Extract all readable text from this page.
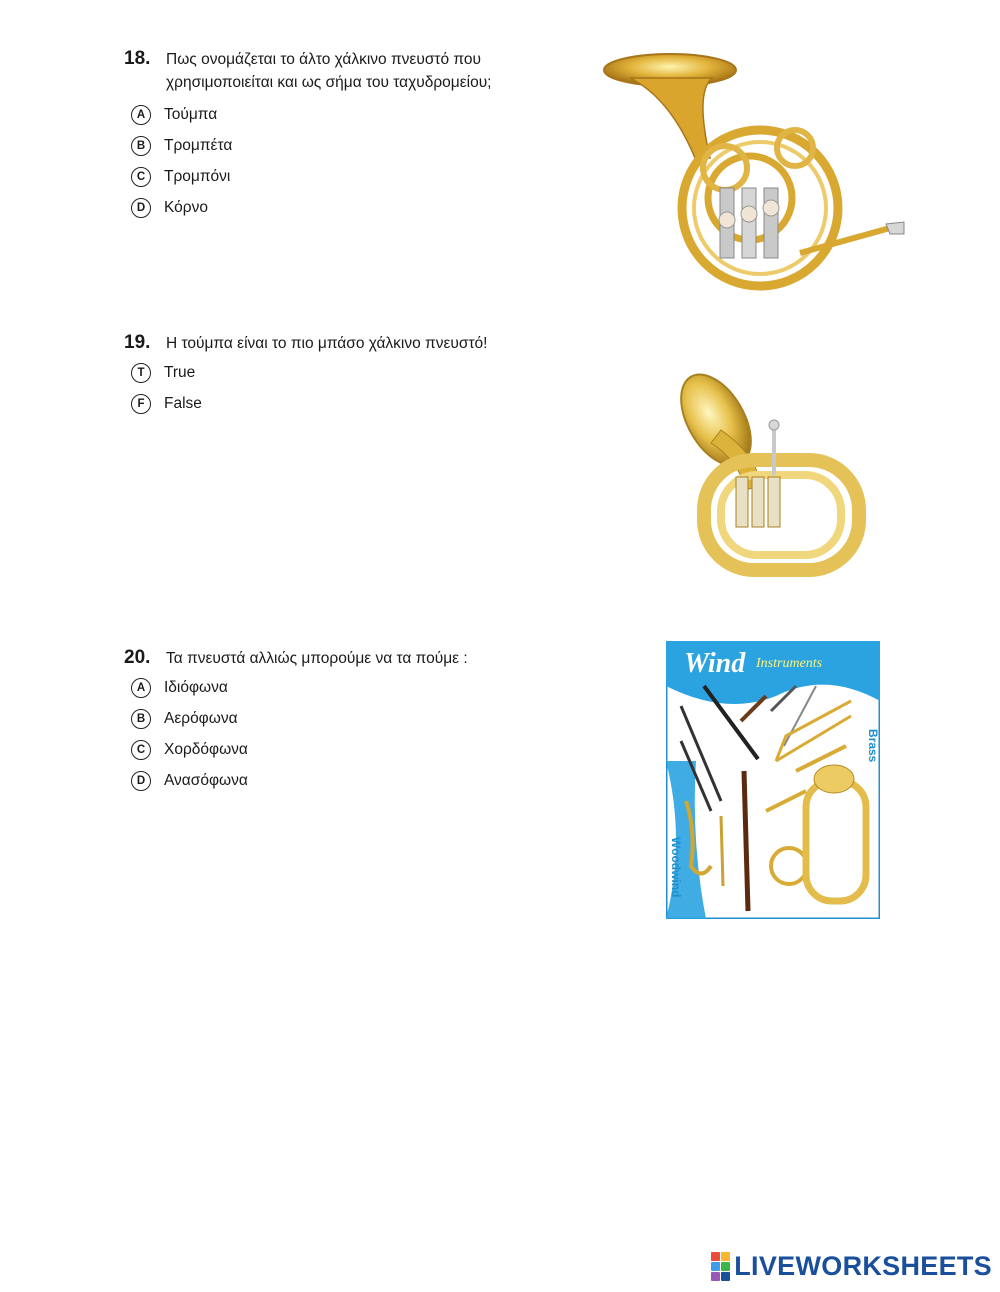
18. Πως ονομάζεται το άλτο χάλκινο πνευστό που χρησιμοποιείται και ως σήμα του ταχυδρομείου;
A	Τούμπα
B	Τρομπέτα
C	Τρομπόνι
D	Κόρνο
19. Η τούμπα είναι το πιο μπάσο χάλκινο πνευστό!
T	True
F	False
20. Τα πνευστά αλλιώς μπορούμε να τα πούμε :
A	Ιδιόφωνα
B	Αερόφωνα
C	Χορδόφωνα
D	Ανασόφωνα
Wind Instruments
Brass
Woodwind
LIVEWORKSHEETS
